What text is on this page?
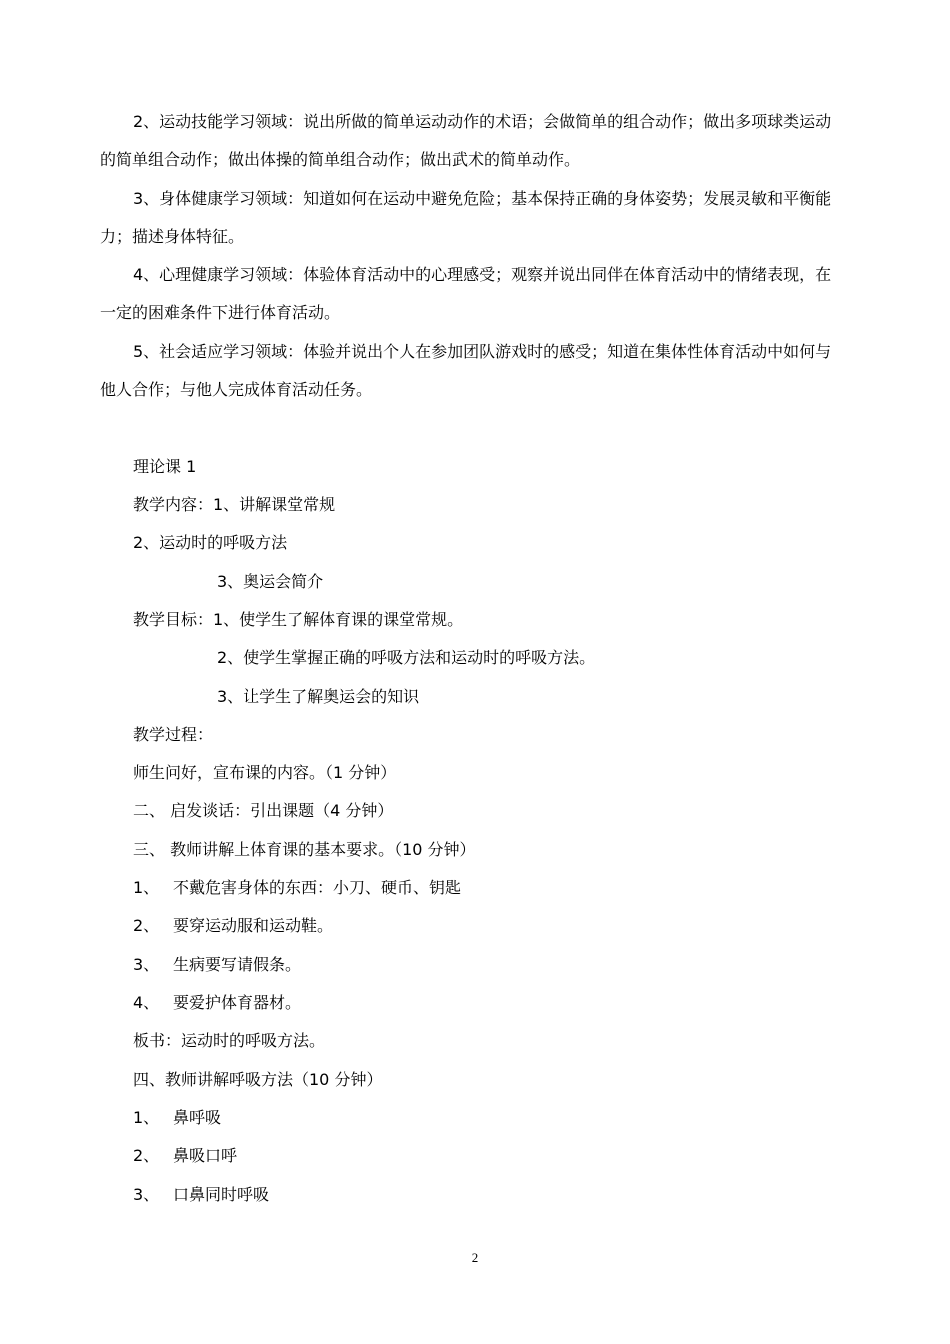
2、运动技能学习领域：说出所做的简单运动动作的术语；会做简单的组合动作；做出多项球类运动
的简单组合动作；做出体操的简单组合动作；做出武术的简单动作。
3、身体健康学习领域：知道如何在运动中避免危险；基本保持正确的身体姿势；发展灵敏和平衡能
力；描述身体特征。
4、心理健康学习领域：体验体育活动中的心理感受；观察并说出同伴在体育活动中的情绪表现，在
一定的困难条件下进行体育活动。
5、社会适应学习领域：体验并说出个人在参加团队游戏时的感受；知道在集体性体育活动中如何与
他人合作；与他人完成体育活动任务。
理论课 1
教学内容：1、讲解课堂常规
2、运动时的呼吸方法
3、奥运会简介
教学目标：1、使学生了解体育课的课堂常规。
2、使学生掌握正确的呼吸方法和运动时的呼吸方法。
3、让学生了解奥运会的知识
教学过程：
师生问好，宣布课的内容。（1 分钟）
二、 启发谈话：引出课题（4 分钟）
三、 教师讲解上体育课的基本要求。（10 分钟）
1、 不戴危害身体的东西：小刀、硬币、钥匙
2、 要穿运动服和运动鞋。
3、 生病要写请假条。
4、 要爱护体育器材。
板书：运动时的呼吸方法。
四、教师讲解呼吸方法（10 分钟）
1、 鼻呼吸
2、 鼻吸口呼
3、 口鼻同时呼吸
2
